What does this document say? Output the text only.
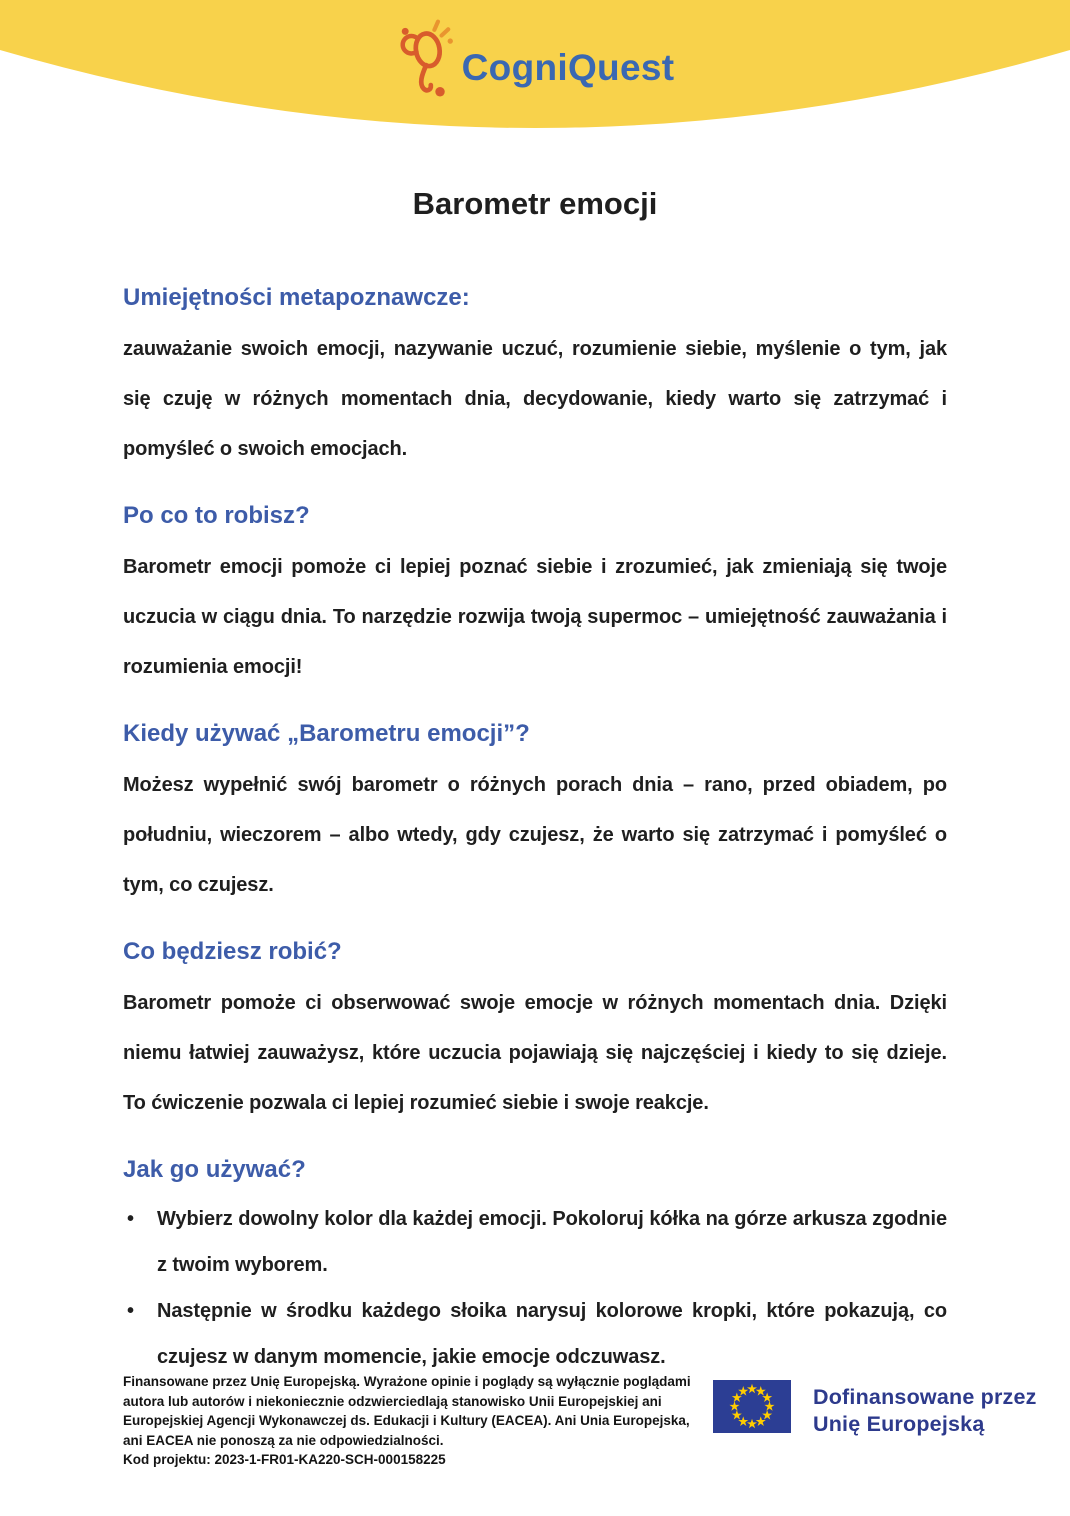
CogniQuest
Barometr emocji
Umiejętności metapoznawcze:

zauważanie swoich emocji, nazywanie uczuć, rozumienie siebie, myślenie o tym, jak się czuję w różnych momentach dnia, decydowanie, kiedy warto się zatrzymać i pomyśleć o swoich emocjach.

Po co to robisz?

Barometr emocji pomoże ci lepiej poznać siebie i zrozumieć, jak zmieniają się twoje uczucia w ciągu dnia. To narzędzie rozwija twoją supermoc – umiejętność zauważania i rozumienia emocji!

Kiedy używać „Barometru emocji”?

Możesz wypełnić swój barometr o różnych porach dnia – rano, przed obiadem, po południu, wieczorem – albo wtedy, gdy czujesz, że warto się zatrzymać i pomyśleć o tym, co czujesz.

Co będziesz robić?

Barometr pomoże ci obserwować swoje emocje w różnych momentach dnia. Dzięki niemu łatwiej zauważysz, które uczucia pojawiają się najczęściej i kiedy to się dzieje. To ćwiczenie pozwala ci lepiej rozumieć siebie i swoje reakcje.

Jak go używać?
• Wybierz dowolny kolor dla każdej emocji. Pokoloruj kółka na górze arkusza zgodnie z twoim wyborem.
• Następnie w środku każdego słoika narysuj kolorowe kropki, które pokazują, co czujesz w danym momencie, jakie emocje odczuwasz.

Finansowane przez Unię Europejską. Wyrażone opinie i poglądy są wyłącznie poglądami autora lub autorów i niekoniecznie odzwierciedlają stanowisko Unii Europejskiej ani Europejskiej Agencji Wykonawczej ds. Edukacji i Kultury (EACEA). Ani Unia Europejska, ani EACEA nie ponoszą za nie odpowiedzialności.

Kod projektu: 2023-1-FR01-KA220-SCH-000158225

Dofinansowane przez
Unię Europejską
